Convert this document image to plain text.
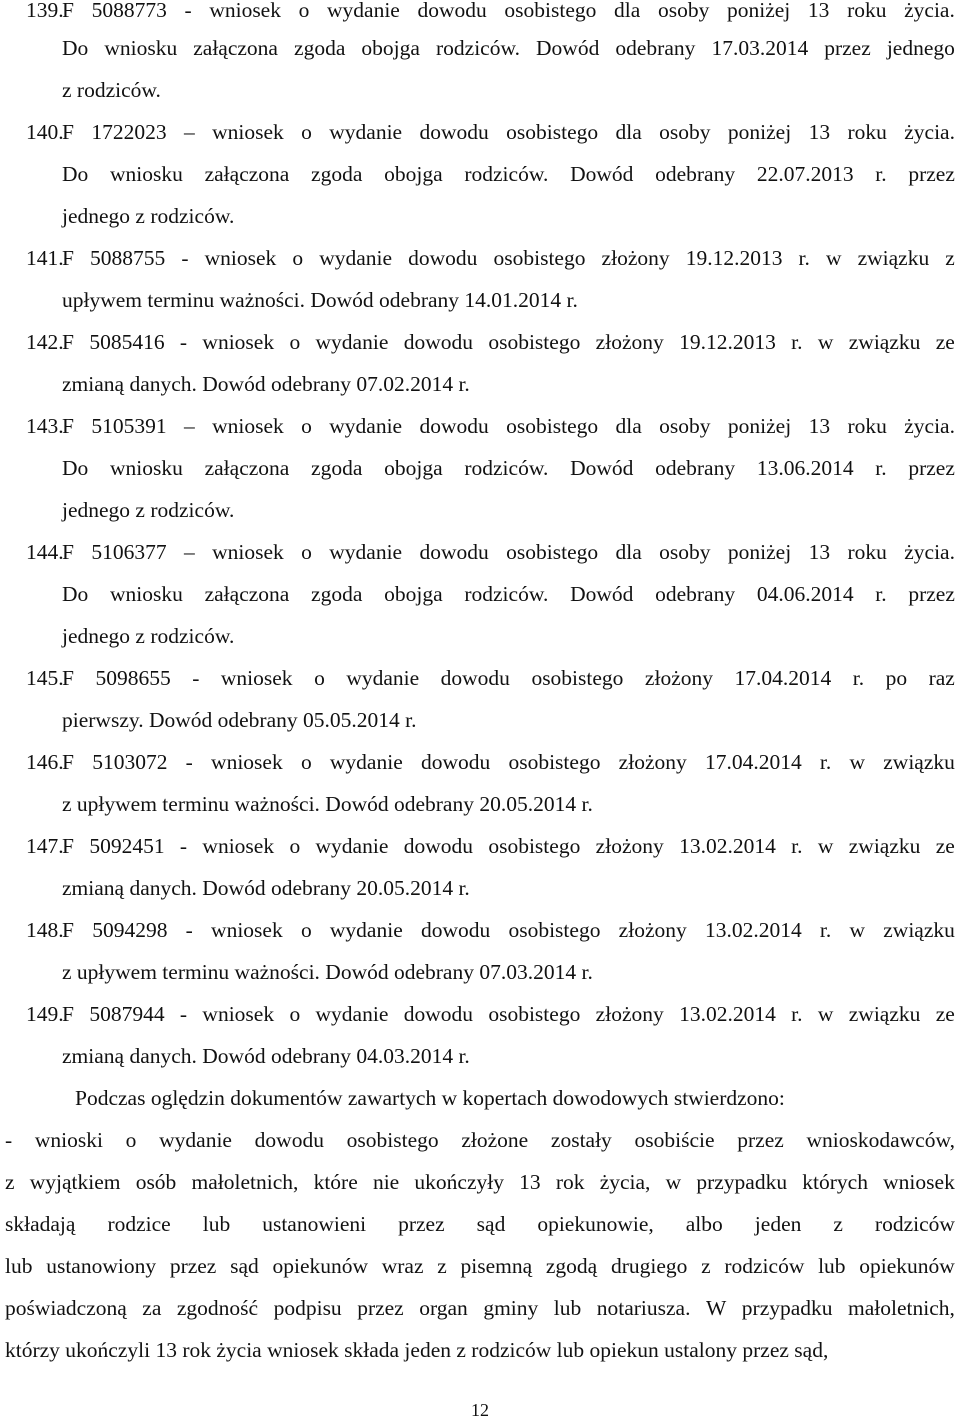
139.
F 5088773 - wniosek o wydanie dowodu osobistego dla osoby poniżej 13 roku życia.
Do wniosku załączona zgoda obojga rodziców. Dowód odebrany 17.03.2014 przez jednego
z rodziców.
140.
F 1722023 – wniosek o wydanie dowodu osobistego dla osoby poniżej 13 roku życia.
Do wniosku załączona zgoda obojga rodziców. Dowód odebrany 22.07.2013 r. przez
jednego z rodziców.
141.
F 5088755 - wniosek o wydanie dowodu osobistego złożony 19.12.2013 r. w związku z
upływem terminu ważności. Dowód odebrany 14.01.2014 r.
142.
F 5085416 - wniosek o wydanie dowodu osobistego złożony 19.12.2013 r. w związku ze
zmianą danych. Dowód odebrany 07.02.2014 r.
143.
F 5105391 – wniosek o wydanie dowodu osobistego dla osoby poniżej 13 roku życia.
Do wniosku załączona zgoda obojga rodziców. Dowód odebrany 13.06.2014 r. przez
jednego z rodziców.
144.
F 5106377 – wniosek o wydanie dowodu osobistego dla osoby poniżej 13 roku życia.
Do wniosku załączona zgoda obojga rodziców. Dowód odebrany 04.06.2014 r. przez
jednego z rodziców.
145.
F 5098655 - wniosek o wydanie dowodu osobistego złożony 17.04.2014 r. po raz
pierwszy. Dowód odebrany 05.05.2014 r.
146.
F 5103072 - wniosek o wydanie dowodu osobistego złożony 17.04.2014 r. w związku
z upływem terminu ważności. Dowód odebrany 20.05.2014 r.
147.
F 5092451 - wniosek o wydanie dowodu osobistego złożony 13.02.2014 r. w związku ze
zmianą danych. Dowód odebrany 20.05.2014 r.
148.
F 5094298 - wniosek o wydanie dowodu osobistego złożony 13.02.2014 r. w związku
z upływem terminu ważności. Dowód odebrany 07.03.2014 r.
149.
F 5087944 - wniosek o wydanie dowodu osobistego złożony 13.02.2014 r. w związku ze
zmianą danych. Dowód odebrany 04.03.2014 r.
Podczas oględzin dokumentów zawartych w kopertach dowodowych stwierdzono:
- wnioski o wydanie dowodu osobistego złożone zostały osobiście przez wnioskodawców,
z wyjątkiem osób małoletnich, które nie ukończyły 13 rok życia, w przypadku których wniosek
składają rodzice lub ustanowieni przez sąd opiekunowie, albo jeden z rodziców
lub ustanowiony przez sąd opiekunów wraz z pisemną zgodą drugiego z rodziców lub opiekunów
poświadczoną za zgodność podpisu przez organ gminy lub notariusza. W przypadku małoletnich,
którzy ukończyli 13 rok życia wniosek składa jeden z rodziców lub opiekun ustalony przez sąd,
12
